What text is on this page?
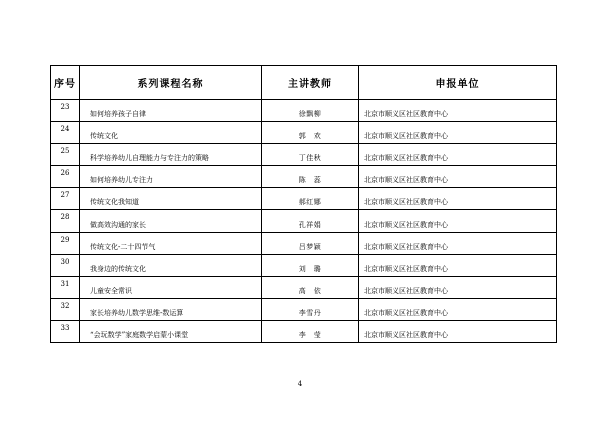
序号	系列课程名称	主讲教师	申报单位

23	如何培养孩子自律	徐飘柳	北京市顺义区社区教育中心

24	传统文化	郭　欢	北京市顺义区社区教育中心

25	科学培养幼儿自理能力与专注力的策略	丁佳秋	北京市顺义区社区教育中心

26	如何培养幼儿专注力	陈　蕊	北京市顺义区社区教育中心

27	传统文化我知道	郝红娜	北京市顺义区社区教育中心

28	做高效沟通的家长	孔祥娟	北京市顺义区社区教育中心

29	传统文化-二十四节气	吕梦颖	北京市顺义区社区教育中心

30	我身边的传统文化	刘　璐	北京市顺义区社区教育中心

31	儿童安全常识	高　依	北京市顺义区社区教育中心

32	家长培养幼儿数学思维-数运算	李雪丹	北京市顺义区社区教育中心

33	“会玩数学”家庭数学启蒙小课堂	李　莹	北京市顺义区社区教育中心
4
